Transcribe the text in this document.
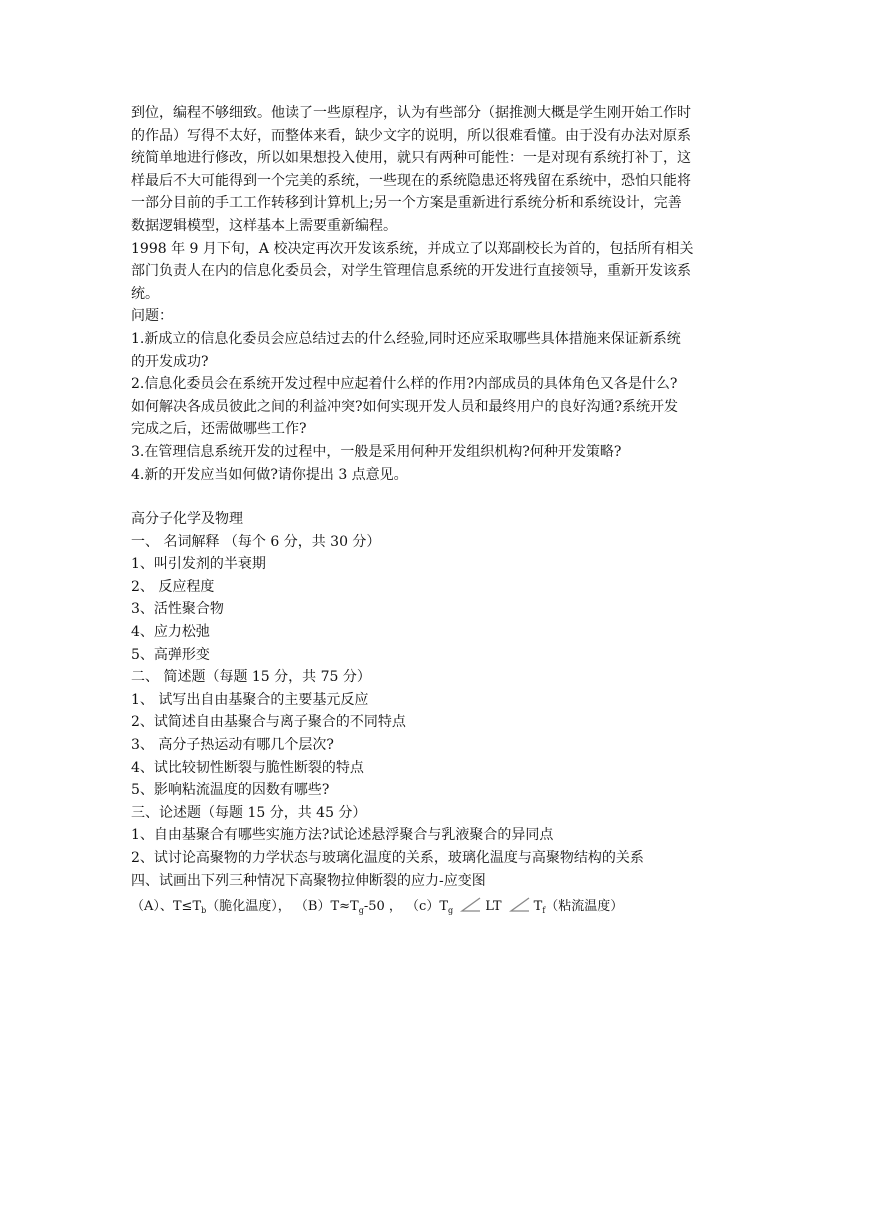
到位，编程不够细致。他读了一些原程序，认为有些部分（据推测大概是学生刚开始工作时

的作品）写得不太好，而整体来看，缺少文字的说明，所以很难看懂。由于没有办法对原系

统简单地进行修改，所以如果想投入使用，就只有两种可能性：一是对现有系统打补丁，这

样最后不大可能得到一个完美的系统，一些现在的系统隐患还将残留在系统中，恐怕只能将

一部分目前的手工工作转移到计算机上;另一个方案是重新进行系统分析和系统设计，完善

数据逻辑模型，这样基本上需要重新编程。

1998 年 9 月下旬，A 校决定再次开发该系统，并成立了以郑副校长为首的，包括所有相关

部门负责人在内的信息化委员会，对学生管理信息系统的开发进行直接领导，重新开发该系

统。

问题：

1.新成立的信息化委员会应总结过去的什么经验,同时还应采取哪些具体措施来保证新系统

的开发成功?

2.信息化委员会在系统开发过程中应起着什么样的作用?内部成员的具体角色又各是什么?

如何解决各成员彼此之间的利益冲突?如何实现开发人员和最终用户的良好沟通?系统开发

完成之后，还需做哪些工作?

3.在管理信息系统开发的过程中，一般是采用何种开发组织机构?何种开发策略?

4.新的开发应当如何做?请你提出 3 点意见。

高分子化学及物理

一、 名词解释 （每个 6 分，共 30 分）

1、叫引发剂的半衰期

2、 反应程度

3、活性聚合物

4、应力松弛

5、高弹形变

二、 简述题（每题 15 分，共 75 分）

1、 试写出自由基聚合的主要基元反应

2、试简述自由基聚合与离子聚合的不同特点

3、 高分子热运动有哪几个层次?

4、试比较韧性断裂与脆性断裂的特点

5、影响粘流温度的因数有哪些?

三、论述题（每题 15 分，共 45 分）

1、自由基聚合有哪些实施方法?试论述悬浮聚合与乳液聚合的异同点

2、试讨论高聚物的力学状态与玻璃化温度的关系，玻璃化温度与高聚物结构的关系

四、试画出下列三种情况下高聚物拉伸断裂的应力-应变图

（A）、$T\le T_b$（脆化温度）， $(B)T\approx T_g-50$ ， $(c)T_g$ LT $T_f$（粘流温度）
